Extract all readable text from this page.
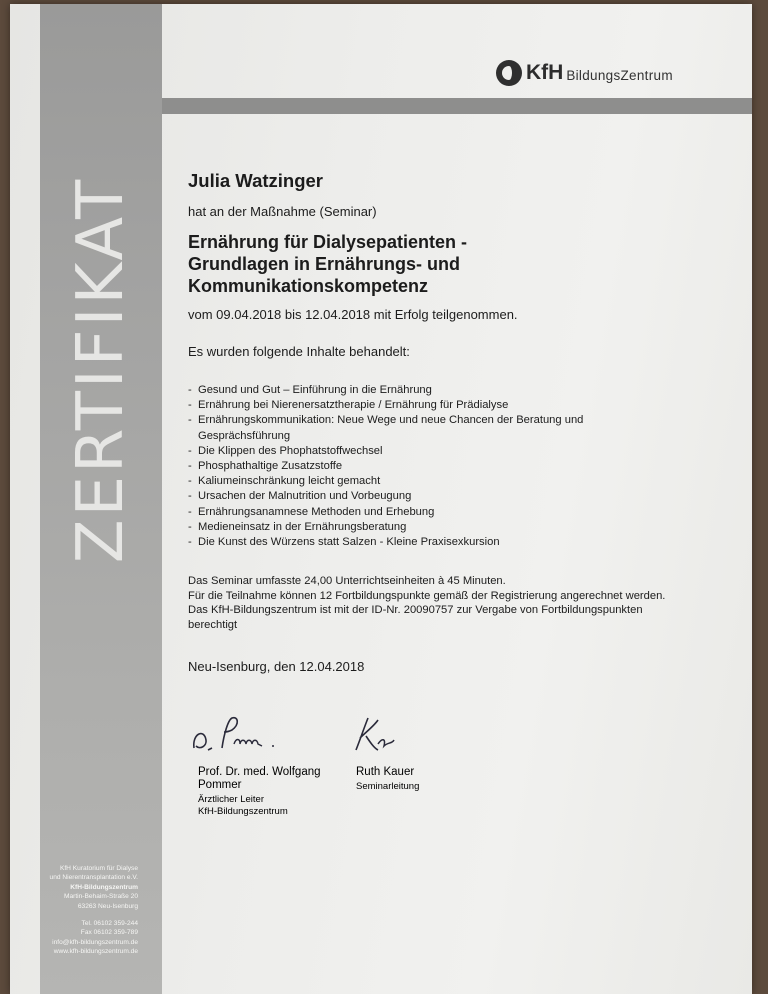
ZERTIFIKAT
KfH BildungsZentrum
Julia Watzinger
hat an der Maßnahme (Seminar)
Ernährung für Dialysepatienten -
Grundlagen in Ernährungs- und
Kommunikationskompetenz
vom 09.04.2018 bis 12.04.2018 mit Erfolg teilgenommen.
Es wurden folgende Inhalte behandelt:
- Gesund und Gut – Einführung in die Ernährung
- Ernährung bei Nierenersatztherapie / Ernährung für Prädialyse
- Ernährungskommunikation: Neue Wege und neue Chancen der Beratung und Gesprächsführung
- Die Klippen des Phophatstoffwechsel
- Phosphathaltige Zusatzstoffe
- Kaliumeinschränkung leicht gemacht
- Ursachen der Malnutrition und Vorbeugung
- Ernährungsanamnese Methoden und Erhebung
- Medieneinsatz in der Ernährungsberatung
- Die Kunst des Würzens statt Salzen - Kleine Praxisexkursion
Das Seminar umfasste 24,00 Unterrichtseinheiten à 45 Minuten.
Für die Teilnahme können 12 Fortbildungspunkte gemäß der Registrierung angerechnet werden.
Das KfH-Bildungszentrum ist mit der ID-Nr. 20090757 zur Vergabe von Fortbildungspunkten berechtigt
Neu-Isenburg, den 12.04.2018
Prof. Dr. med. Wolfgang
Pommer
Ärztlicher Leiter
KfH-Bildungszentrum
Ruth Kauer
Seminarleitung
KfH Kuratorium für Dialyse
und Nierentransplantation e.V.
KfH-Bildungszentrum
Martin-Behaim-Straße 20
63263 Neu-Isenburg
Tel. 06102 359-244
Fax 06102 359-789
info@kfh-bildungszentrum.de
www.kfh-bildungszentrum.de
